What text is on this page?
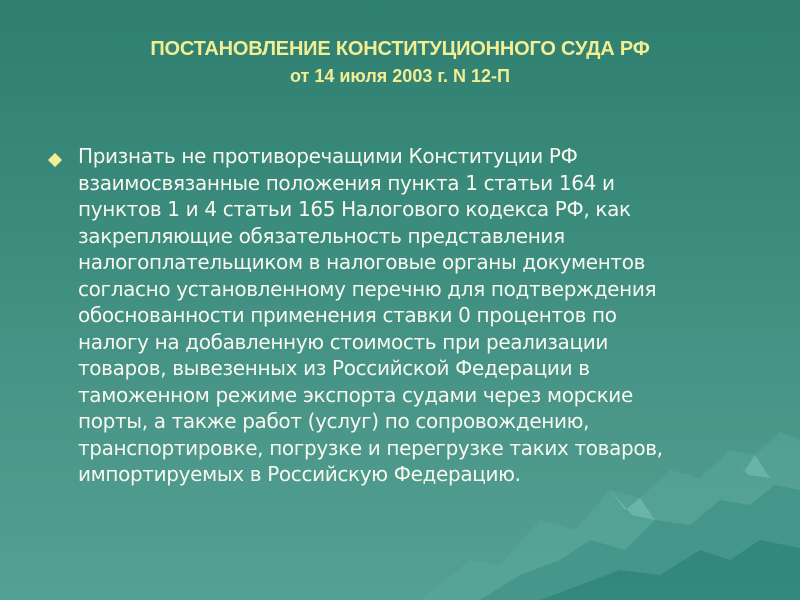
ПОСТАНОВЛЕНИЕ КОНСТИТУЦИОННОГО СУДА РФ
от 14 июля 2003 г. N 12-П

Признать не противоречащими Конституции РФ
взаимосвязанные положения пункта 1 статьи 164 и
пунктов 1 и 4 статьи 165 Налогового кодекса РФ, как
закрепляющие обязательность представления
налогоплательщиком в налоговые органы документов
согласно установленному перечню для подтверждения
обоснованности применения ставки 0 процентов по
налогу на добавленную стоимость при реализации
товаров, вывезенных из Российской Федерации в
таможенном режиме экспорта судами через морские
порты, а также работ (услуг) по сопровождению,
транспортировке, погрузке и перегрузке таких товаров,
импортируемых в Российскую Федерацию.
